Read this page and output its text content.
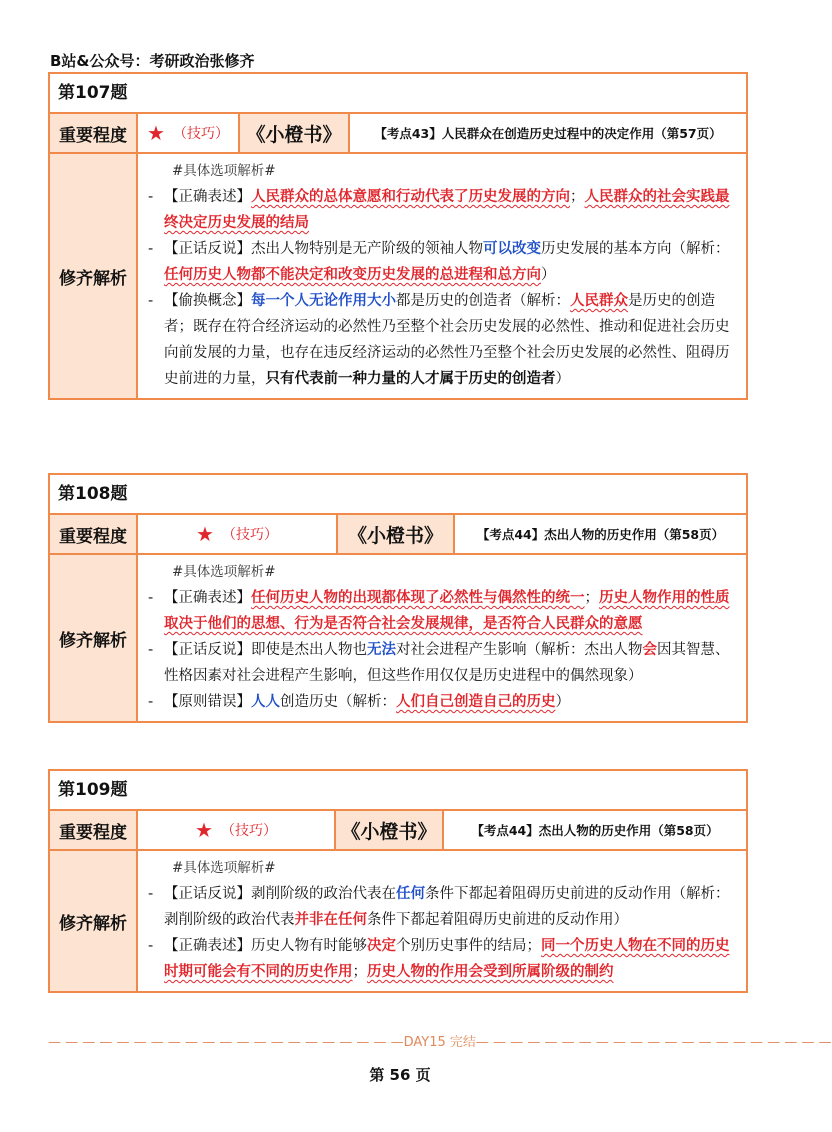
B站&公众号：考研政治张修齐
第107题
重要程度	★ （技巧） 《小橙书》	【考点43】人民群众在创造历史过程中的决定作用（第57页）
修齐解析
#具体选项解析#
- 【正确表述】人民群众的总体意愿和行动代表了历史发展的方向；人民群众的社会实践最终决定历史发展的结局
- 【正话反说】杰出人物特别是无产阶级的领袖人物可以改变历史发展的基本方向（解析：任何历史人物都不能决定和改变历史发展的总进程和总方向）
- 【偷换概念】每一个人无论作用大小都是历史的创造者（解析：人民群众是历史的创造者；既存在符合经济运动的必然性乃至整个社会历史发展的必然性、推动和促进社会历史向前发展的力量，也存在违反经济运动的必然性乃至整个社会历史发展的必然性、阻碍历史前进的力量，只有代表前一种力量的人才属于历史的创造者）
第108题
重要程度	★ （技巧）	《小橙书》	【考点44】杰出人物的历史作用（第58页）
修齐解析
#具体选项解析#
- 【正确表述】任何历史人物的出现都体现了必然性与偶然性的统一；历史人物作用的性质取决于他们的思想、行为是否符合社会发展规律，是否符合人民群众的意愿
- 【正话反说】即使是杰出人物也无法对社会进程产生影响（解析：杰出人物会因其智慧、性格因素对社会进程产生影响，但这些作用仅仅是历史进程中的偶然现象）
- 【原则错误】人人创造历史（解析：人们自己创造自己的历史）
第109题
重要程度	★ （技巧）	《小橙书》	【考点44】杰出人物的历史作用（第58页）
修齐解析
#具体选项解析#
- 【正话反说】剥削阶级的政治代表在任何条件下都起着阻碍历史前进的反动作用（解析：剥削阶级的政治代表并非在任何条件下都起着阻碍历史前进的反动作用）
- 【正确表述】历史人物有时能够决定个别历史事件的结局；同一个历史人物在不同的历史时期可能会有不同的历史作用；历史人物的作用会受到所属阶级的制约
— — — — — — — — — — — — — — — — — — — — —DAY15 完结— — — — — — — — — — — — — — — — — — — — —
第 56 页
